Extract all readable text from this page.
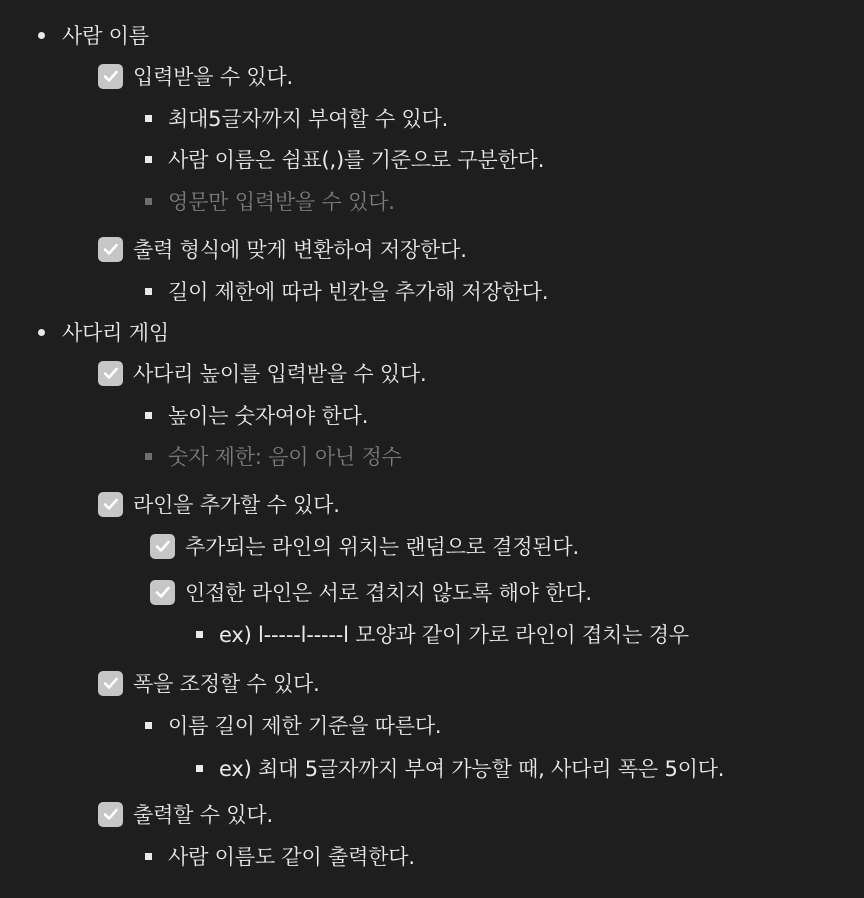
사람 이름
입력받을 수 있다.
최대5글자까지 부여할 수 있다.
사람 이름은 쉼표(,)를 기준으로 구분한다.
영문만 입력받을 수 있다.
출력 형식에 맞게 변환하여 저장한다.
길이 제한에 따라 빈칸을 추가해 저장한다.
사다리 게임
사다리 높이를 입력받을 수 있다.
높이는 숫자여야 한다.
숫자 제한: 음이 아닌 정수
라인을 추가할 수 있다.
추가되는 라인의 위치는 랜덤으로 결정된다.
인접한 라인은 서로 겹치지 않도록 해야 한다.
ex) l-----l-----l 모양과 같이 가로 라인이 겹치는 경우
폭을 조정할 수 있다.
이름 길이 제한 기준을 따른다.
ex) 최대 5글자까지 부여 가능할 때, 사다리 폭은 5이다.
출력할 수 있다.
사람 이름도 같이 출력한다.
